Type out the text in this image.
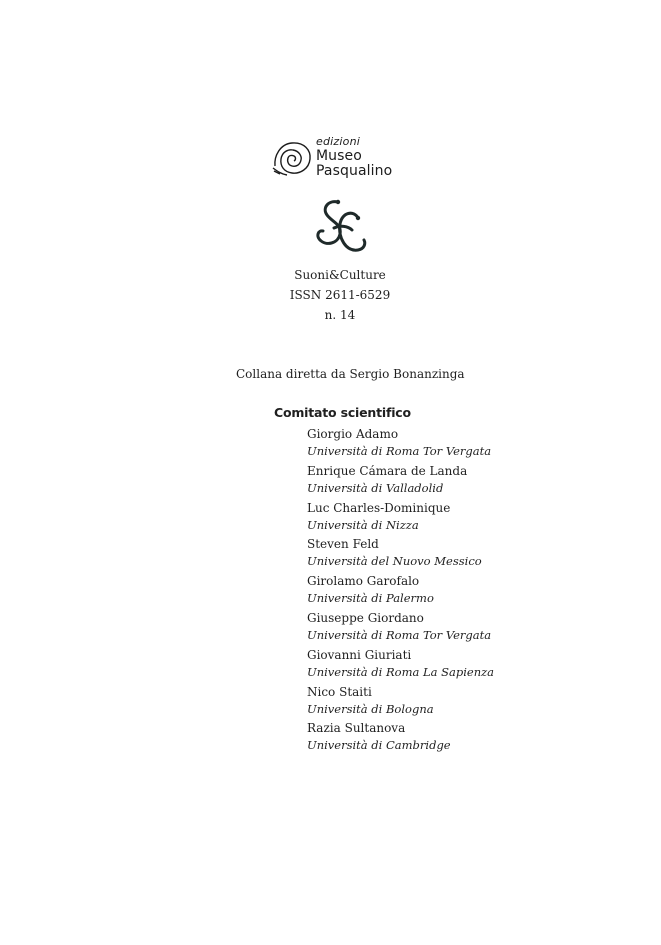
edizioni
Museo
Pasqualino
Suoni&Culture
ISSN 2611-6529
n. 14
Collana diretta da Sergio Bonanzinga
Comitato scientifico
Giorgio Adamo
Università di Roma Tor Vergata
Enrique Cámara de Landa
Università di Valladolid
Luc Charles-Dominique
Università di Nizza
Steven Feld
Università del Nuovo Messico
Girolamo Garofalo
Università di Palermo
Giuseppe Giordano
Università di Roma Tor Vergata
Giovanni Giuriati
Università di Roma La Sapienza
Nico Staiti
Università di Bologna
Razia Sultanova
Università di Cambridge
